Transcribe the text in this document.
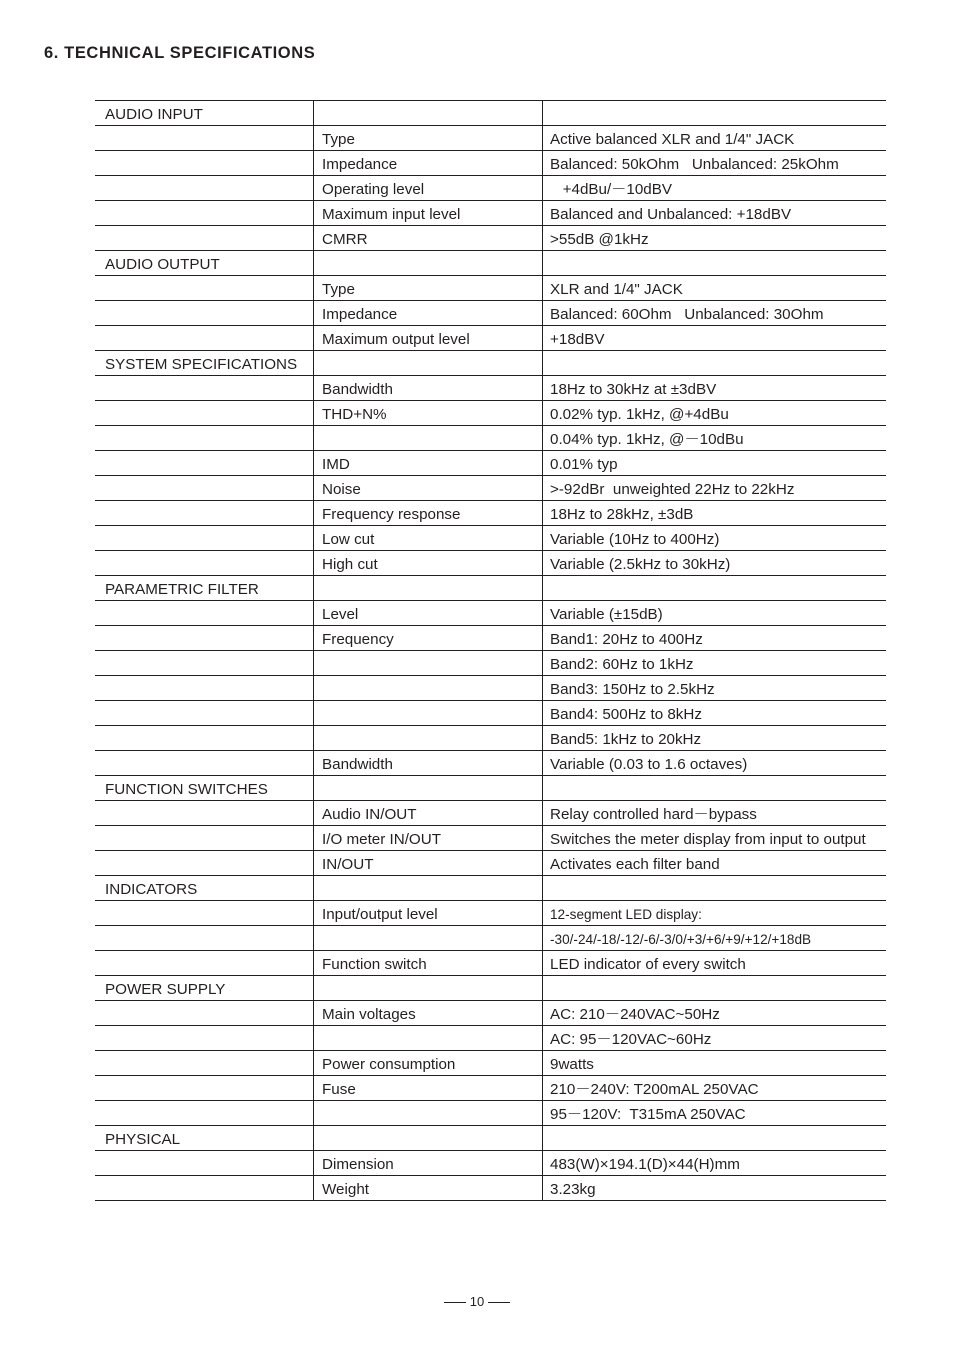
6. TECHNICAL SPECIFICATIONS
AUDIO INPUT
Type	Active balanced XLR and 1/4" JACK
Impedance	Balanced: 50kOhm   Unbalanced: 25kOhm
Operating level	+4dBu/－10dBV
Maximum input level	Balanced and Unbalanced: +18dBV
CMRR	>55dB @1kHz
AUDIO OUTPUT
Type	XLR and 1/4" JACK
Impedance	Balanced: 60Ohm   Unbalanced: 30Ohm
Maximum output level	+18dBV
SYSTEM SPECIFICATIONS
Bandwidth	18Hz to 30kHz at ±3dBV
THD+N%	0.02% typ. 1kHz, @+4dBu
0.04% typ. 1kHz, @－10dBu
IMD	0.01% typ
Noise	>-92dBr  unweighted 22Hz to 22kHz
Frequency response	18Hz to 28kHz, ±3dB
Low cut	Variable (10Hz to 400Hz)
High cut	Variable (2.5kHz to 30kHz)
PARAMETRIC FILTER
Level	Variable (±15dB)
Frequency	Band1: 20Hz to 400Hz
Band2: 60Hz to 1kHz
Band3: 150Hz to 2.5kHz
Band4: 500Hz to 8kHz
Band5: 1kHz to 20kHz
Bandwidth	Variable (0.03 to 1.6 octaves)
FUNCTION SWITCHES
Audio IN/OUT	Relay controlled hard－bypass
I/O meter IN/OUT	Switches the meter display from input to output
IN/OUT	Activates each filter band
INDICATORS
Input/output level	12-segment LED display:
-30/-24/-18/-12/-6/-3/0/+3/+6/+9/+12/+18dB
Function switch	LED indicator of every switch
POWER SUPPLY
Main voltages	AC: 210－240VAC~50Hz
AC: 95－120VAC~60Hz
Power consumption	9watts
Fuse	210－240V: T200mAL 250VAC
95－120V:  T315mA 250VAC
PHYSICAL
Dimension	483(W)×194.1(D)×44(H)mm
Weight	3.23kg
10
